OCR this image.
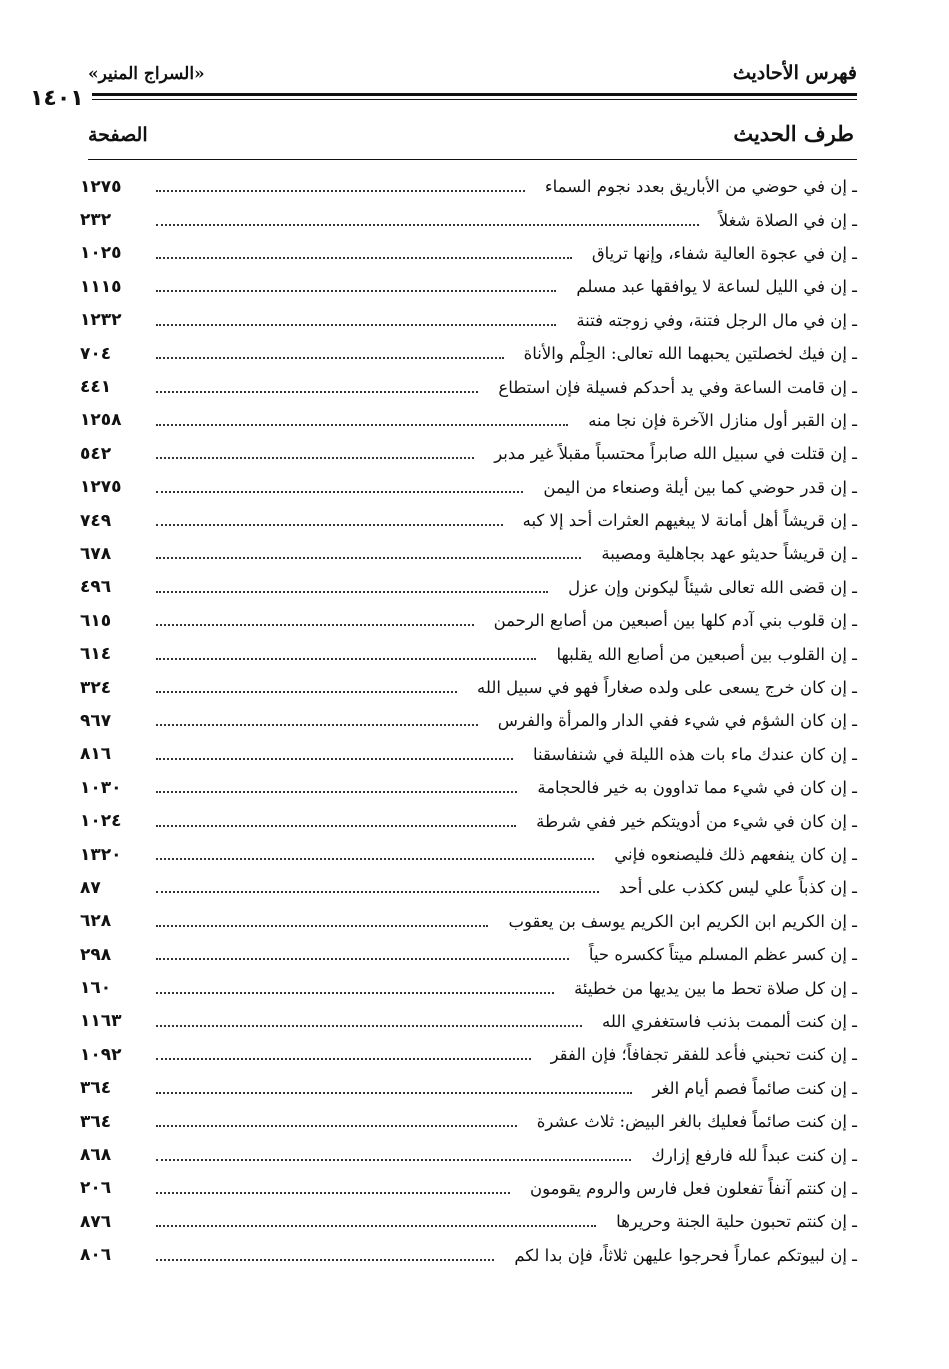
فهرس الأحاديث
«السراج المنير»
١٤٠١
طرف الحديث
الصفحة
ـ إن في حوضي من الأباريق بعدد نجوم السماء
١٢٧٥
ـ إن في الصلاة شغلاً
٢٣٢
ـ إن في عجوة العالية شفاء، وإنها ترياق
١٠٢٥
ـ إن في الليل لساعة لا يوافقها عبد مسلم
١١١٥
ـ إن في مال الرجل فتنة، وفي زوجته فتنة
١٢٣٢
ـ إن فيك لخصلتين يحبهما الله تعالى: الحِلْم والأناة
٧٠٤
ـ إن قامت الساعة وفي يد أحدكم فسيلة فإن استطاع
٤٤١
ـ إن القبر أول منازل الآخرة فإن نجا منه
١٢٥٨
ـ إن قتلت في سبيل الله صابراً محتسباً مقبلاً غير مدبر
٥٤٢
ـ إن قدر حوضي كما بين أيلة وصنعاء من اليمن
١٢٧٥
ـ إن قريشاً أهل أمانة لا يبغيهم العثرات أحد إلا كبه
٧٤٩
ـ إن قريشاً حديثو عهد بجاهلية ومصيبة
٦٧٨
ـ إن قضى الله تعالى شيئاً ليكونن وإن عزل
٤٩٦
ـ إن قلوب بني آدم كلها بين أصبعين من أصابع الرحمن
٦١٥
ـ إن القلوب بين أصبعين من أصابع الله يقلبها
٦١٤
ـ إن كان خرج يسعى على ولده صغاراً فهو في سبيل الله
٣٢٤
ـ إن كان الشؤم في شيء ففي الدار والمرأة والفرس
٩٦٧
ـ إن كان عندك ماء بات هذه الليلة في شنفاسقنا
٨١٦
ـ إن كان في شيء مما تداوون به خير فالحجامة
١٠٣٠
ـ إن كان في شيء من أدويتكم خير ففي شرطة
١٠٢٤
ـ إن كان ينفعهم ذلك فليصنعوه فإني
١٣٢٠
ـ إن كذباً علي ليس ككذب على أحد
٨٧
ـ إن الكريم ابن الكريم ابن الكريم يوسف بن يعقوب
٦٢٨
ـ إن كسر عظم المسلم ميتاً ككسره حياً
٢٩٨
ـ إن كل صلاة تحط ما بين يديها من خطيئة
١٦٠
ـ إن كنت ألممت بذنب فاستغفري الله
١١٦٣
ـ إن كنت تحبني فأعد للفقر تجفافاً؛ فإن الفقر
١٠٩٢
ـ إن كنت صائماً فصم أيام الغر
٣٦٤
ـ إن كنت صائماً فعليك بالغر البيض: ثلاث عشرة
٣٦٤
ـ إن كنت عبداً لله فارفع إزارك
٨٦٨
ـ إن كنتم آنفاً تفعلون فعل فارس والروم يقومون
٢٠٦
ـ إن كنتم تحبون حلية الجنة وحريرها
٨٧٦
ـ إن لبيوتكم عماراً فحرجوا عليهن ثلاثاً، فإن بدا لكم
٨٠٦
